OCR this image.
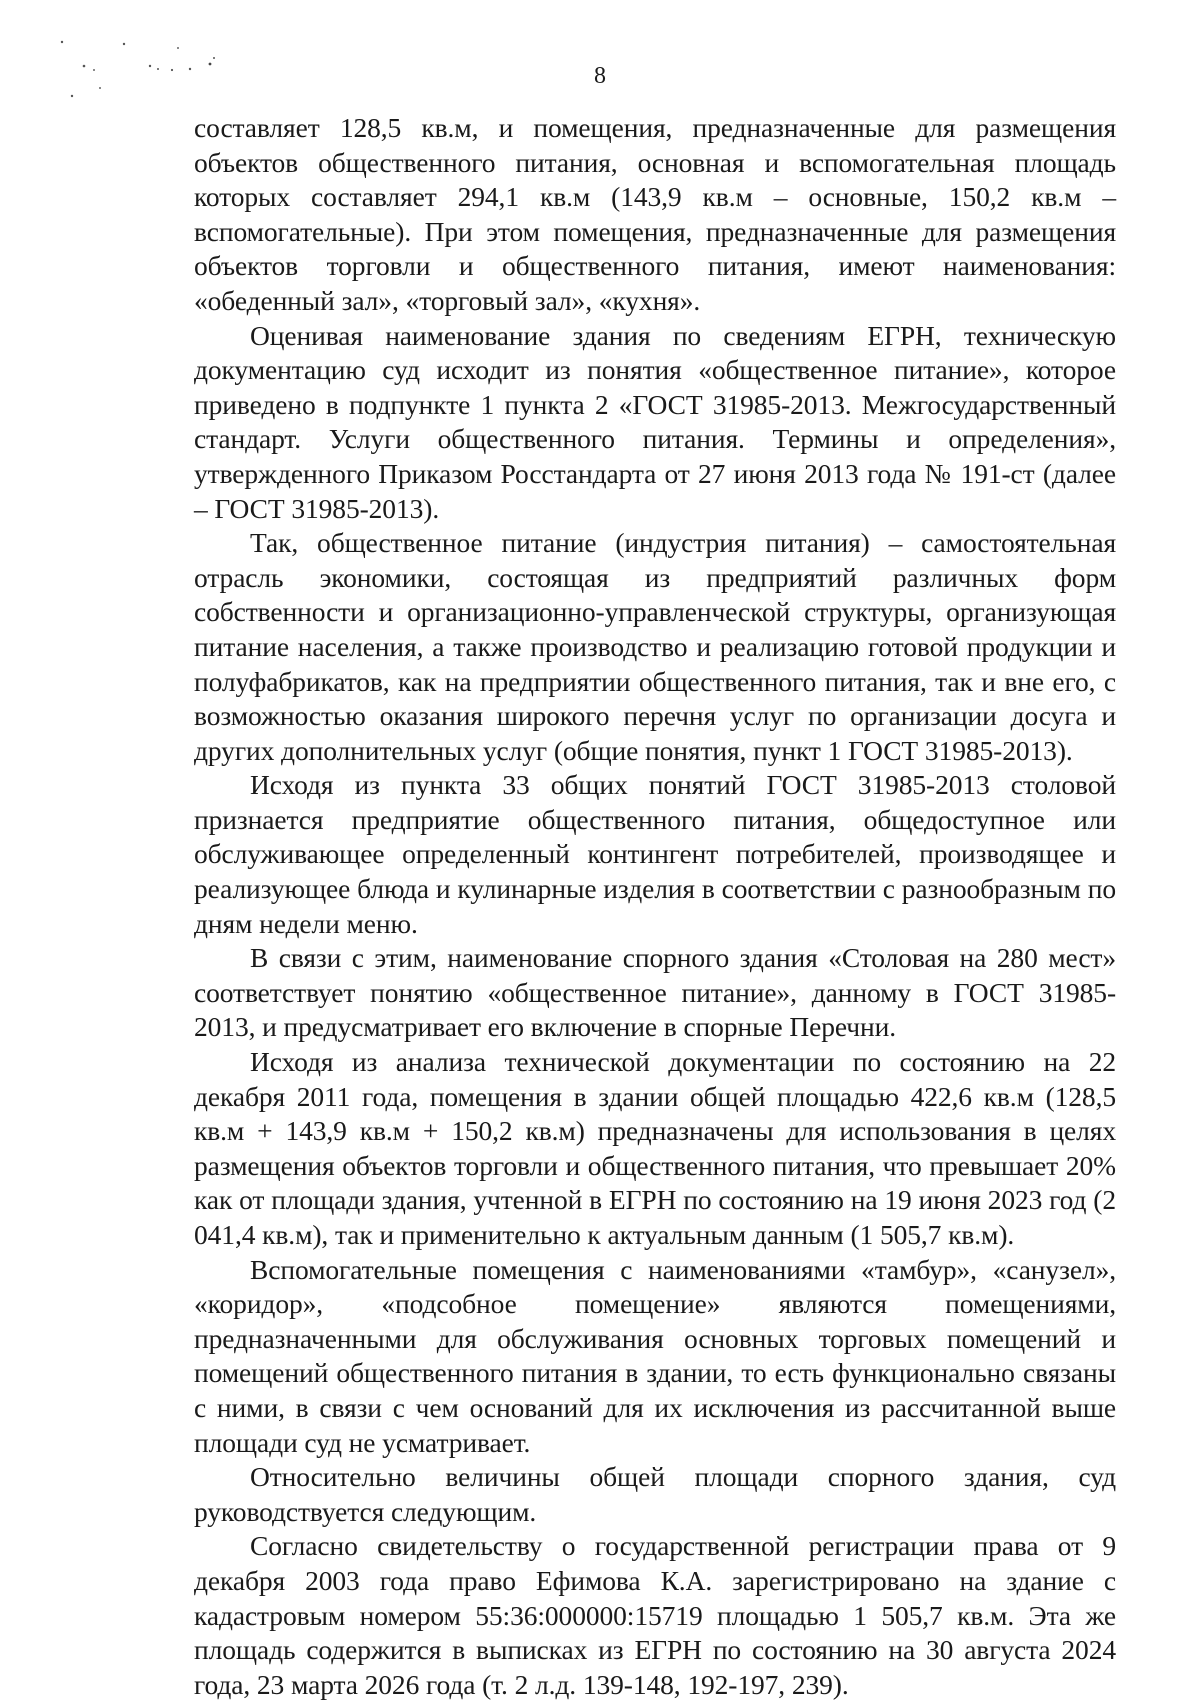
8

составляет 128,5 кв.м, и помещения, предназначенные для размещения объектов общественного питания, основная и вспомогательная площадь которых составляет 294,1 кв.м (143,9 кв.м – основные, 150,2 кв.м – вспомогательные). При этом помещения, предназначенные для размещения объектов торговли и общественного питания, имеют наименования: «обеденный зал», «торговый зал», «кухня».

Оценивая наименование здания по сведениям ЕГРН, техническую документацию суд исходит из понятия «общественное питание», которое приведено в подпункте 1 пункта 2 «ГОСТ 31985-2013. Межгосударственный стандарт. Услуги общественного питания. Термины и определения», утвержденного Приказом Росстандарта от 27 июня 2013 года № 191-ст (далее – ГОСТ 31985-2013).

Так, общественное питание (индустрия питания) – самостоятельная отрасль экономики, состоящая из предприятий различных форм собственности и организационно-управленческой структуры, организующая питание населения, а также производство и реализацию готовой продукции и полуфабрикатов, как на предприятии общественного питания, так и вне его, с возможностью оказания широкого перечня услуг по организации досуга и других дополнительных услуг (общие понятия, пункт 1 ГОСТ 31985-2013).

Исходя из пункта 33 общих понятий ГОСТ 31985-2013 столовой признается предприятие общественного питания, общедоступное или обслуживающее определенный контингент потребителей, производящее и реализующее блюда и кулинарные изделия в соответствии с разнообразным по дням недели меню.

В связи с этим, наименование спорного здания «Столовая на 280 мест» соответствует понятию «общественное питание», данному в ГОСТ 31985-2013, и предусматривает его включение в спорные Перечни.

Исходя из анализа технической документации по состоянию на 22 декабря 2011 года, помещения в здании общей площадью 422,6 кв.м (128,5 кв.м + 143,9 кв.м + 150,2 кв.м) предназначены для использования в целях размещения объектов торговли и общественного питания, что превышает 20% как от площади здания, учтенной в ЕГРН по состоянию на 19 июня 2023 год (2 041,4 кв.м), так и применительно к актуальным данным (1 505,7 кв.м).

Вспомогательные помещения с наименованиями «тамбур», «санузел», «коридор», «подсобное помещение» являются помещениями, предназначенными для обслуживания основных торговых помещений и помещений общественного питания в здании, то есть функционально связаны с ними, в связи с чем оснований для их исключения из рассчитанной выше площади суд не усматривает.

Относительно величины общей площади спорного здания, суд руководствуется следующим.

Согласно свидетельству о государственной регистрации права от 9 декабря 2003 года право Ефимова К.А. зарегистрировано на здание с кадастровым номером 55:36:000000:15719 площадью 1 505,7 кв.м. Эта же площадь содержится в выписках из ЕГРН по состоянию на 30 августа 2024 года, 23 марта 2026 года (т. 2 л.д. 139-148, 192-197, 239).
